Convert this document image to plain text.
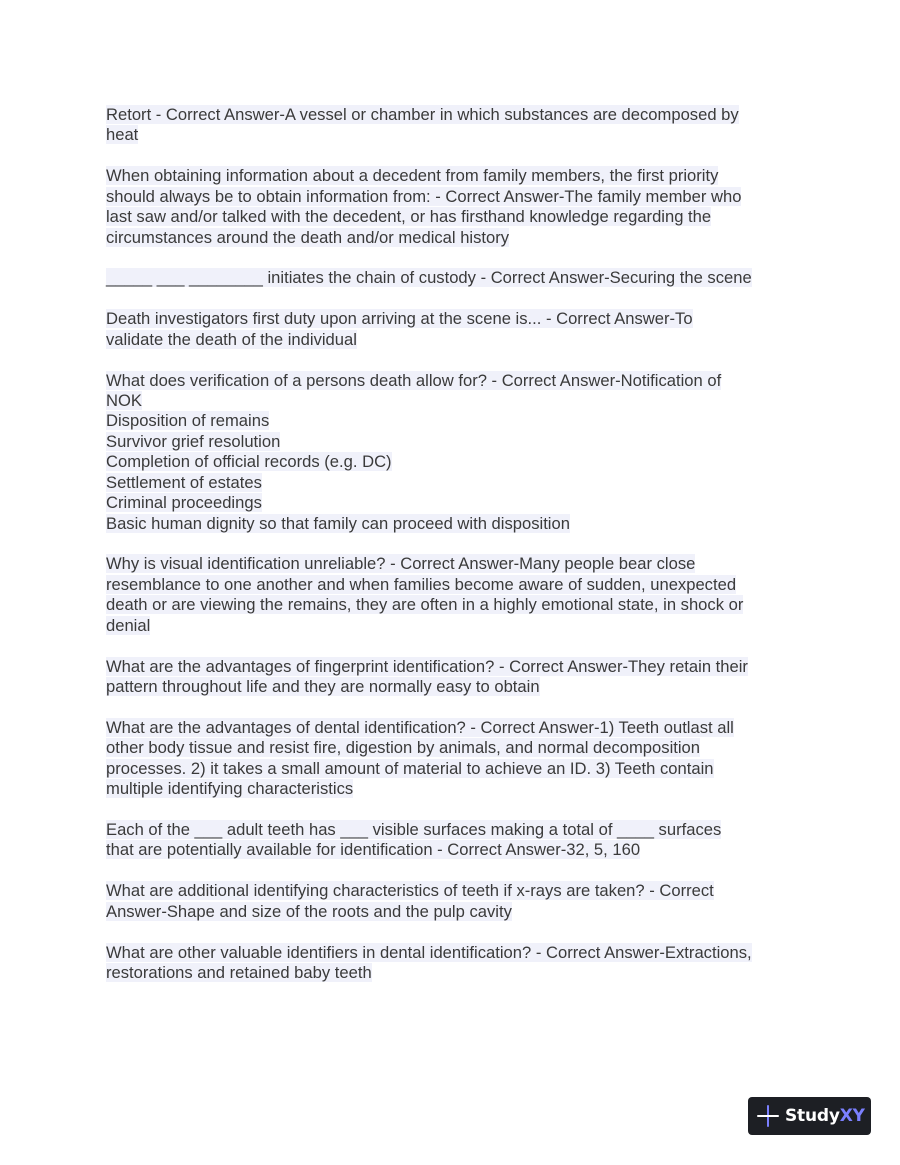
Retort - Correct Answer-A vessel or chamber in which substances are decomposed by
heat

When obtaining information about a decedent from family members, the first priority
should always be to obtain information from: - Correct Answer-The family member who
last saw and/or talked with the decedent, or has firsthand knowledge regarding the
circumstances around the death and/or medical history

_____ ___ ________ initiates the chain of custody - Correct Answer-Securing the scene

Death investigators first duty upon arriving at the scene is... - Correct Answer-To
validate the death of the individual

What does verification of a persons death allow for? - Correct Answer-Notification of
NOK
Disposition of remains
Survivor grief resolution
Completion of official records (e.g. DC)
Settlement of estates
Criminal proceedings
Basic human dignity so that family can proceed with disposition

Why is visual identification unreliable? - Correct Answer-Many people bear close
resemblance to one another and when families become aware of sudden, unexpected
death or are viewing the remains, they are often in a highly emotional state, in shock or
denial

What are the advantages of fingerprint identification? - Correct Answer-They retain their
pattern throughout life and they are normally easy to obtain

What are the advantages of dental identification? - Correct Answer-1) Teeth outlast all
other body tissue and resist fire, digestion by animals, and normal decomposition
processes. 2) it takes a small amount of material to achieve an ID. 3) Teeth contain
multiple identifying characteristics

Each of the ___ adult teeth has ___ visible surfaces making a total of ____ surfaces
that are potentially available for identification - Correct Answer-32, 5, 160

What are additional identifying characteristics of teeth if x-rays are taken? - Correct
Answer-Shape and size of the roots and the pulp cavity

What are other valuable identifiers in dental identification? - Correct Answer-Extractions,
restorations and retained baby teeth

StudyXY
